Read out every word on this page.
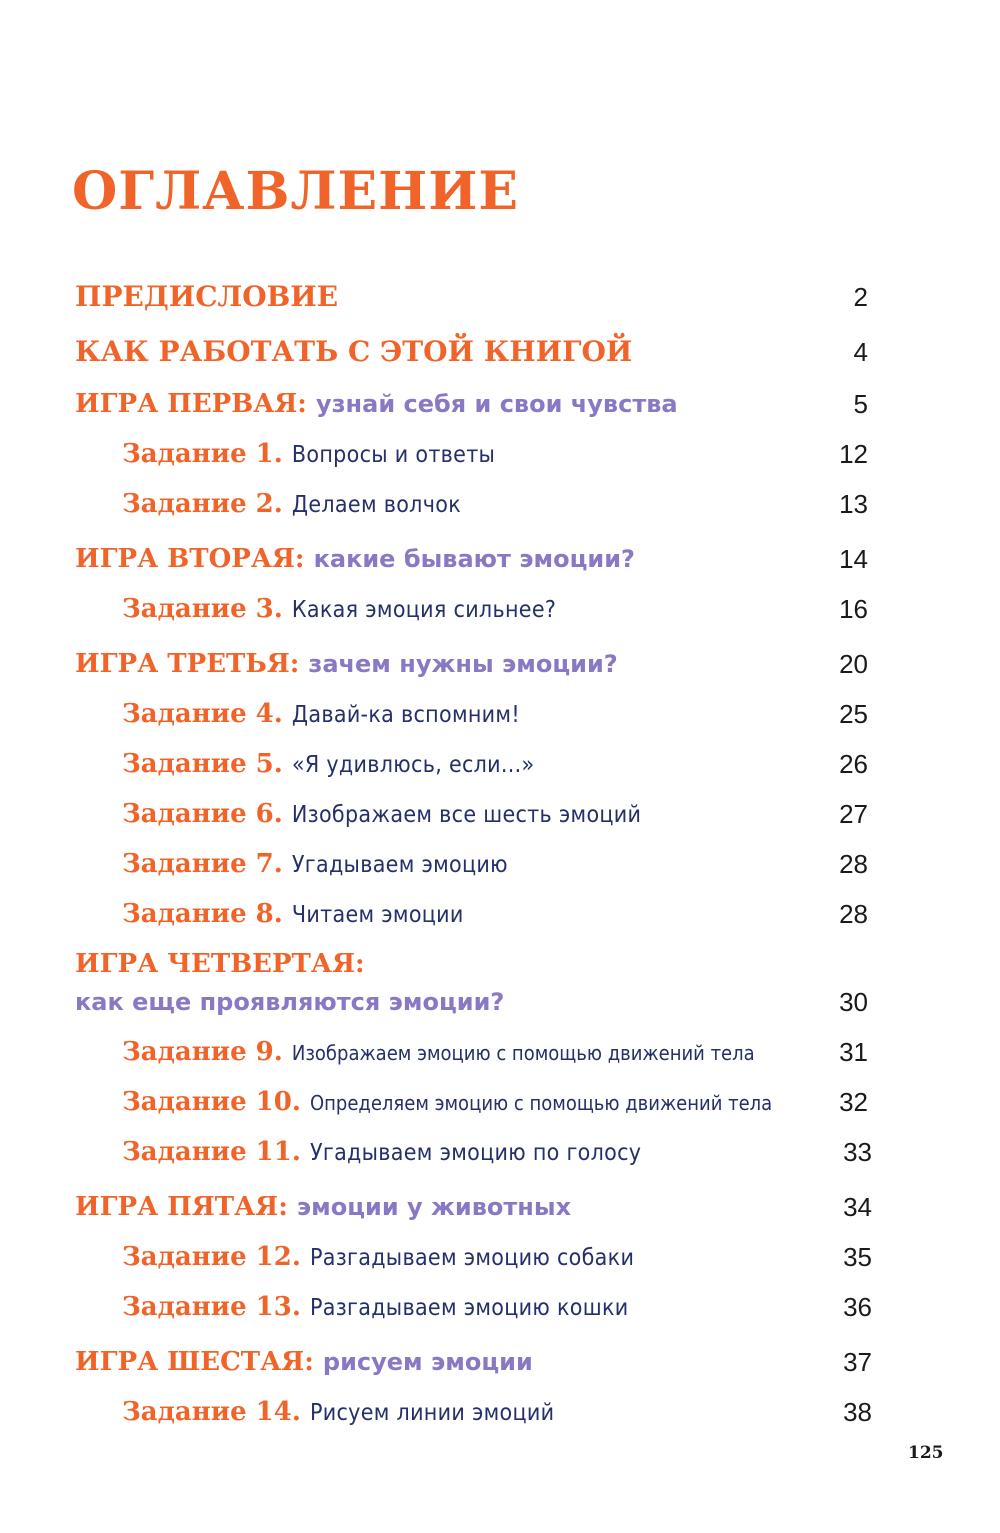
ОГЛАВЛЕНИЕ
ПРЕДИСЛОВИЕ	2
КАК РАБОТАТЬ С ЭТОЙ КНИГОЙ	4
ИГРА ПЕРВАЯ: узнай себя и свои чувства	5
Задание 1. Вопросы и ответы	12
Задание 2. Делаем волчок	13
ИГРА ВТОРАЯ: какие бывают эмоции?	14
Задание 3. Какая эмоция сильнее?	16
ИГРА ТРЕТЬЯ: зачем нужны эмоции?	20
Задание 4. Давай-ка вспомним!	25
Задание 5. «Я удивлюсь, если...»	26
Задание 6. Изображаем все шесть эмоций	27
Задание 7. Угадываем эмоцию	28
Задание 8. Читаем эмоции	28
ИГРА ЧЕТВЕРТАЯ:
как еще проявляются эмоции?	30
Задание 9. Изображаем эмоцию с помощью движений тела	31
Задание 10. Определяем эмоцию с помощью движений тела	32
Задание 11. Угадываем эмоцию по голосу	33
ИГРА ПЯТАЯ: эмоции у животных	34
Задание 12. Разгадываем эмоцию собаки	35
Задание 13. Разгадываем эмоцию кошки	36
ИГРА ШЕСТАЯ: рисуем эмоции	37
Задание 14. Рисуем линии эмоций	38
125
